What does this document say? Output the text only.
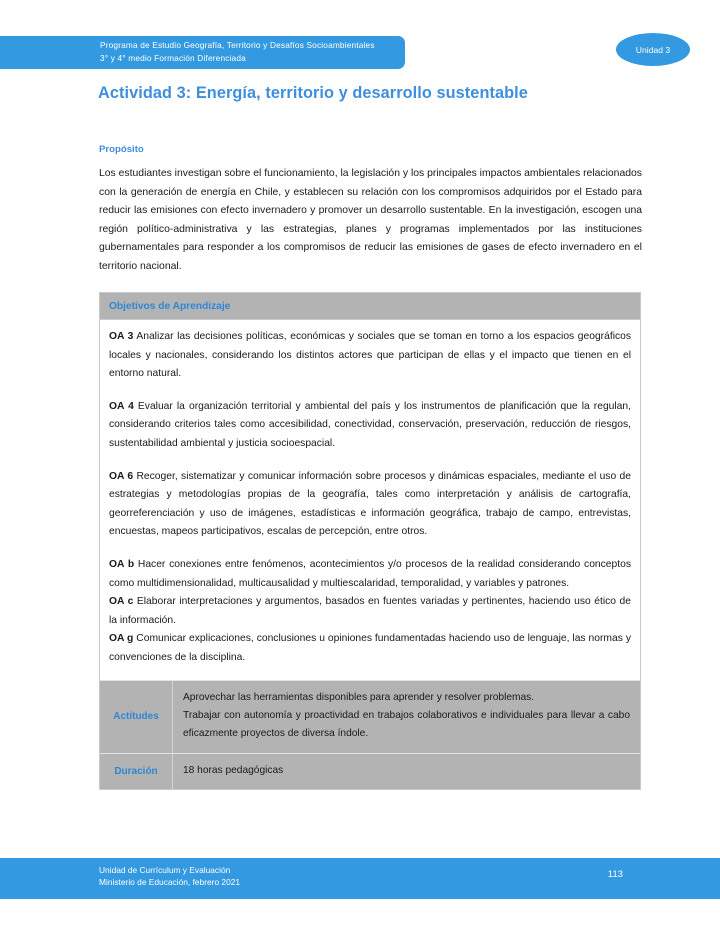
Programa de Estudio Geografía, Territorio y Desafíos Socioambientales
3° y 4° medio Formación Diferenciada
Unidad 3
Actividad 3: Energía, territorio y desarrollo sustentable
Propósito
Los estudiantes investigan sobre el funcionamiento, la legislación y los principales impactos ambientales relacionados con la generación de energía en Chile, y establecen su relación con los compromisos adquiridos por el Estado para reducir las emisiones con efecto invernadero y promover un desarrollo sustentable. En la investigación, escogen una región político-administrativa y las estrategias, planes y programas implementados por las instituciones gubernamentales para responder a los compromisos de reducir las emisiones de gases de efecto invernadero en el territorio nacional.
Objetivos de Aprendizaje
OA 3 Analizar las decisiones políticas, económicas y sociales que se toman en torno a los espacios geográficos locales y nacionales, considerando los distintos actores que participan de ellas y el impacto que tienen en el entorno natural.
OA 4 Evaluar la organización territorial y ambiental del país y los instrumentos de planificación que la regulan, considerando criterios tales como accesibilidad, conectividad, conservación, preservación, reducción de riesgos, sustentabilidad ambiental y justicia socioespacial.
OA 6 Recoger, sistematizar y comunicar información sobre procesos y dinámicas espaciales, mediante el uso de estrategias y metodologías propias de la geografía, tales como interpretación y análisis de cartografía, georreferenciación y uso de imágenes, estadísticas e información geográfica, trabajo de campo, entrevistas, encuestas, mapeos participativos, escalas de percepción, entre otros.
OA b Hacer conexiones entre fenómenos, acontecimientos y/o procesos de la realidad considerando conceptos como multidimensionalidad, multicausalidad y multiescalaridad, temporalidad, y variables y patrones.
OA c Elaborar interpretaciones y argumentos, basados en fuentes variadas y pertinentes, haciendo uso ético de la información.
OA g Comunicar explicaciones, conclusiones u opiniones fundamentadas haciendo uso de lenguaje, las normas y convenciones de la disciplina.
Actitudes
Aprovechar las herramientas disponibles para aprender y resolver problemas.
Trabajar con autonomía y proactividad en trabajos colaborativos e individuales para llevar a cabo eficazmente proyectos de diversa índole.
Duración	18 horas pedagógicas
Unidad de Currículum y Evaluación
Ministerio de Educación, febrero 2021
113
